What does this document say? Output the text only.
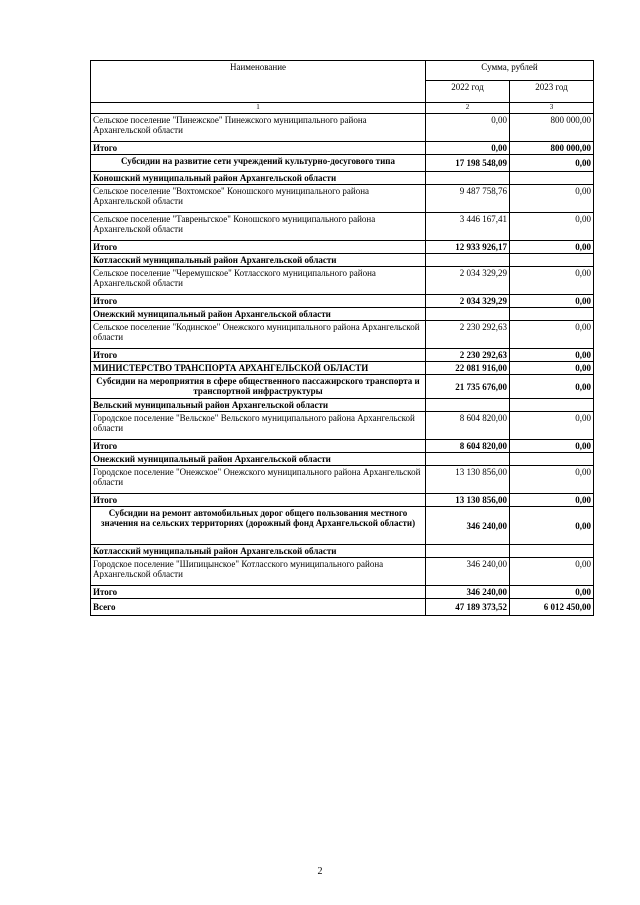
Наименование	Сумма, рублей	
	2022 год	2023 год
1	2	3
Сельское поселение "Пинежское" Пинежского муниципального района Архангельской области	0,00	800 000,00
Итого	0,00	800 000,00
Субсидии на развитие сети учреждений культурно-досугового типа	17 198 548,09	0,00
Коношский муниципальный район Архангельской области		
Сельское поселение "Вохтомское" Коношского муниципального района Архангельской области	9 487 758,76	0,00
Сельское поселение "Тавреньгское" Коношского муниципального района Архангельской области	3 446 167,41	0,00
Итого	12 933 926,17	0,00
Котласский муниципальный район Архангельской области		
Сельское поселение "Черемушское" Котласского муниципального района Архангельской области	2 034 329,29	0,00
Итого	2 034 329,29	0,00
Онежский муниципальный район Архангельской области		
Сельское поселение "Кодинское" Онежского муниципального района Архангельской области	2 230 292,63	0,00
Итого	2 230 292,63	0,00
МИНИСТЕРСТВО ТРАНСПОРТА АРХАНГЕЛЬСКОЙ ОБЛАСТИ	22 081 916,00	0,00
Субсидии на мероприятия в сфере общественного пассажирского транспорта и транспортной инфраструктуры	21 735 676,00	0,00
Вельский муниципальный район Архангельской области		
Городское поселение "Вельское" Вельского муниципального района Архангельской области	8 604 820,00	0,00
Итого	8 604 820,00	0,00
Онежский муниципальный район Архангельской области		
Городское поселение "Онежское" Онежского муниципального района Архангельской области	13 130 856,00	0,00
Итого	13 130 856,00	0,00
Субсидии на ремонт автомобильных дорог общего пользования местного значения на сельских территориях (дорожный фонд Архангельской области)	346 240,00	0,00
Котласский муниципальный район Архангельской области		
Городское поселение "Шипицынское" Котласского муниципального района Архангельской области	346 240,00	0,00
Итого	346 240,00	0,00
Всего	47 189 373,52	6 012 450,00
2
